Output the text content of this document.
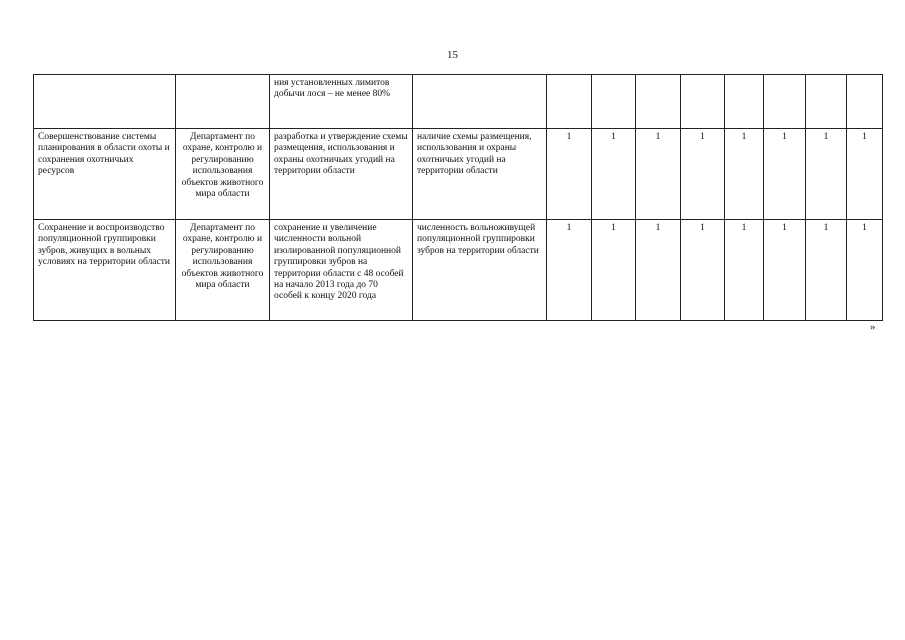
15
		ния установленных лимитов добычи лося – не менее 80%									
Совершенствование системы планирования в области охоты и сохранения охотничьих ресурсов	Департамент по охране, контролю и регулированию использования объектов животного мира области	разработка и утверждение схемы размещения, использования и охраны охотничьих угодий на территории области	наличие схемы размещения, использования и охраны охотничьих угодий на территории области	1	1	1	1	1	1	1	1
Сохранение и воспроизводство популяционной группировки зубров, живущих в вольных условиях на территории области	Департамент по охране, контролю и регулированию использования объектов животного мира области	сохранение и увеличение численности вольной изолированной популяционной группировки зубров на территории области с 48 особей на начало 2013 года до 70 особей к концу 2020 года	численность вольноживущей популяционной группировки зубров на территории области	1	1	1	1	1	1	1	1
»
